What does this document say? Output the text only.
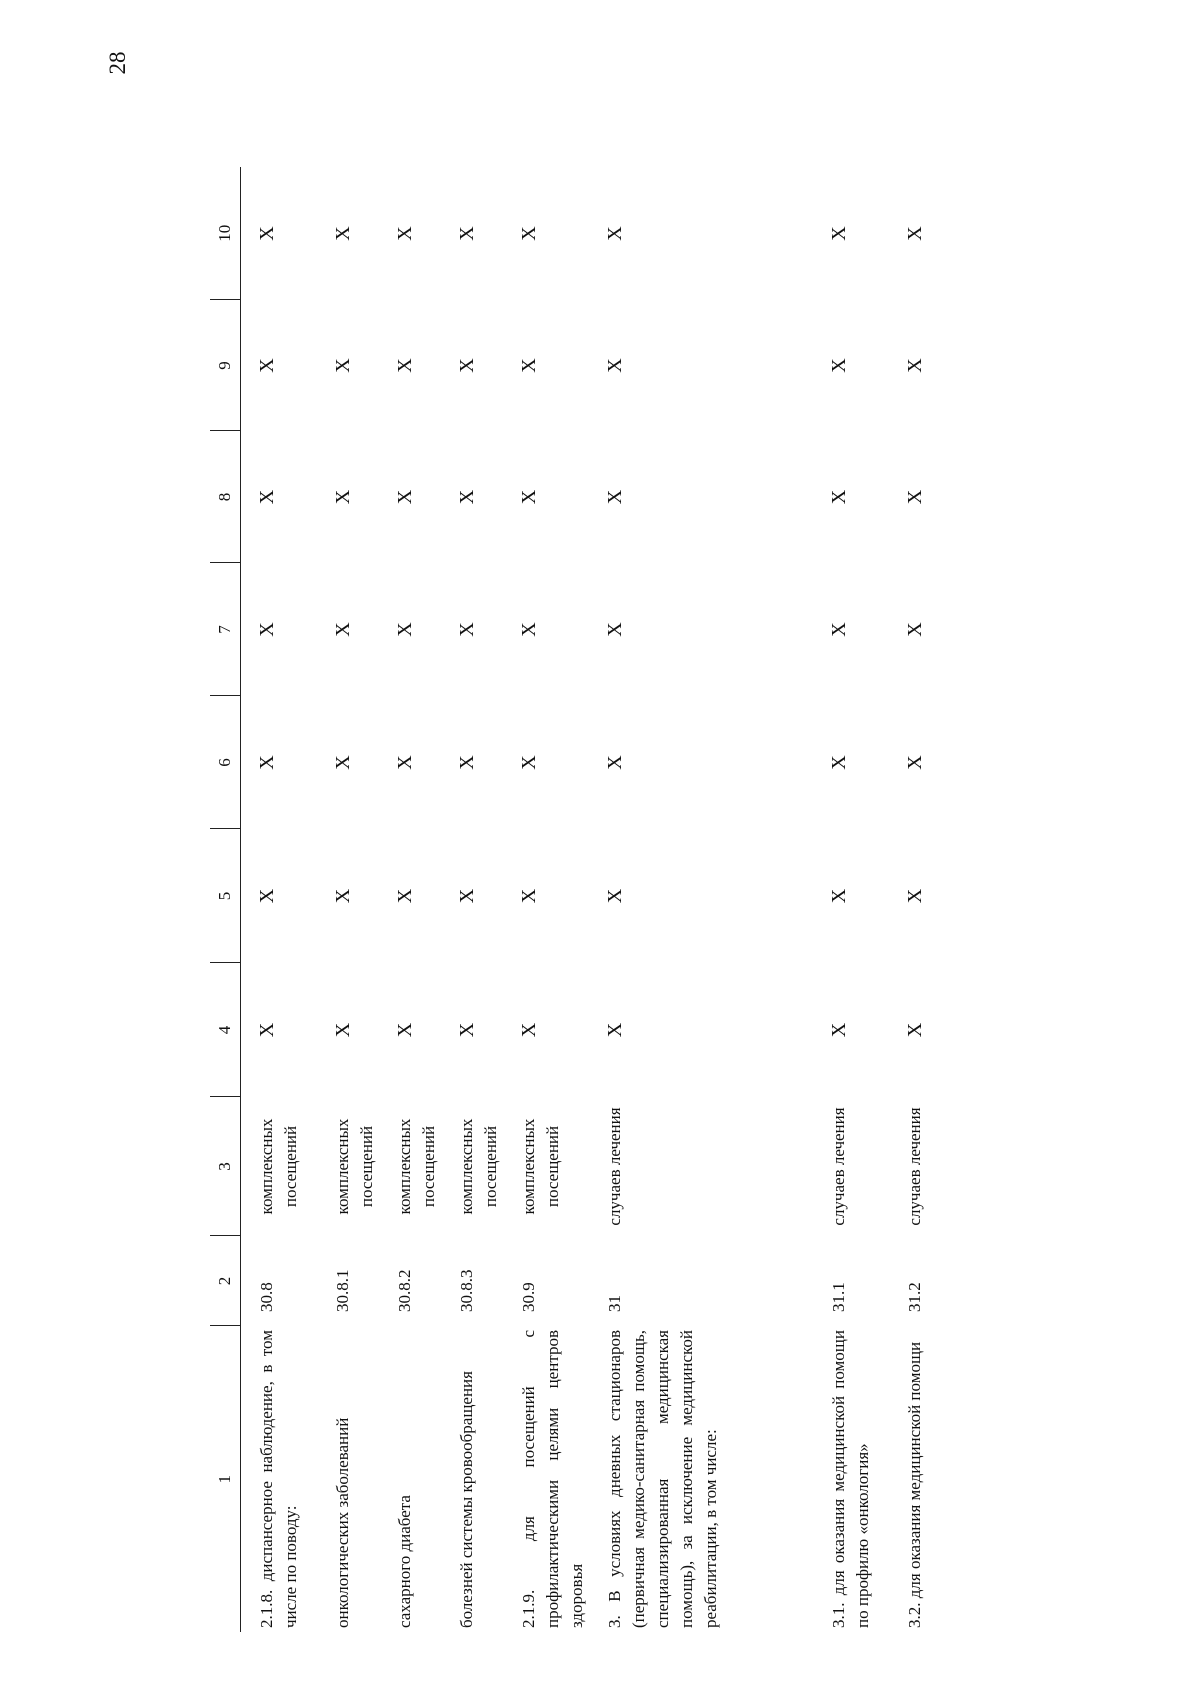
28
1	2	3	4	5	6	7	8	9	10
2.1.8. диспансерное наблюдение, в том числе по поводу:	30.8	комплексных посещений	X	X	X	X	X	X	X
онкологических заболеваний	30.8.1	комплексных посещений	X	X	X	X	X	X	X
сахарного диабета	30.8.2	комплексных посещений	X	X	X	X	X	X	X
болезней системы кровообращения	30.8.3	комплексных посещений	X	X	X	X	X	X	X
2.1.9. для посещений с профилактическими целями центров здоровья	30.9	комплексных посещений	X	X	X	X	X	X	X
3. В условиях дневных стационаров (первичная медико-санитарная помощь, специализированная медицинская помощь), за исключение медицинской реабилитации, в том числе:	31	случаев лечения	X	X	X	X	X	X	X
3.1. для оказания медицинской помощи по профилю «онкология»	31.1	случаев лечения	X	X	X	X	X	X	X
3.2. для оказания медицинской помощи	31.2	случаев лечения	X	X	X	X	X	X	X
